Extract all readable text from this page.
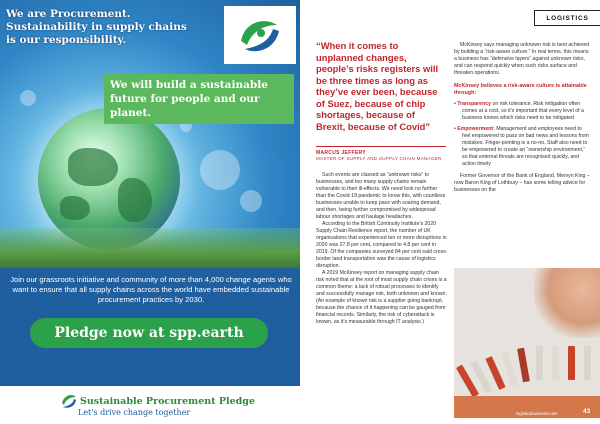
We are Procurement.
Sustainability in supply chains
is our responsibility.
We will build a sustainable future for people and our planet.
Join our grassroots initiative and community of more than 4,000 change agents who want to ensure that all supply chains across the world have embedded sustainable procurement practices by 2030.
Pledge now at spp.earth
Sustainable Procurement Pledge
Let's drive change together
LOGISTICS
“When it comes to unplanned changes, people’s risks registers will be three times as long as they’ve ever been, because of Suez, because of chip shortages, because of Brexit, because of Covid”
MARCUS JEFFERY
MASTER OF SUPPLY AND SUPPLY CHAIN MANAGER

Such events are classed as “unknown risks” to businesses, and too many supply chains remain vulnerable to their ill-effects. We need look no further than the Covid-19 pandemic to know this, with countless businesses unable to keep pace with soaring demand, and then, being further compromised by widespread labour shortages and haulage headaches.

According to the British Continuity Institute’s 2020 Supply Chain Resilience report, the number of UK organisations that experienced ten or more disruptions in 2020 was 27.8 per cent, compared to 4.8 per cent in 2019. Of the companies surveyed 84 per cent said cross-border land transportation was the cause of logistics disruption.

A 2019 McKinsey report on managing supply chain risk noted that at the root of most supply chain crises is a common theme: a lack of robust processes to identify and successfully manage risk, both unknown and known. (An example of known risk is a supplier going bankrupt, because the chance of it happening can be gauged from financial records. Similarly, the risk of cyberattack is known, as it’s measurable through IT analysis.)

McKinsey says managing unknown risk is best achieved by building a “risk-aware culture.” In real terms, this means a business has “defensive layers” against unknown risks, and can respond quickly when such risks surface and threaten operations.

McKinsey believes a risk-aware culture is attainable through:

• Transparency on risk tolerance. Risk mitigation often comes at a cost, so it’s important that every level of a business knows which risks need to be mitigated

• Empowerment: Management and employees need to feel empowered to pass on bad news and lessons from mistakes. Finger-pointing is a no-no. Staff also need to be empowered to create an “ownership environment,” so that external threats are recognised quickly, and action timely

Former Governor of the Bank of England, Mervyn King – now Baron King of Lothbury – has some telling advice for businesses on the

logisticsbusiness.com	43
